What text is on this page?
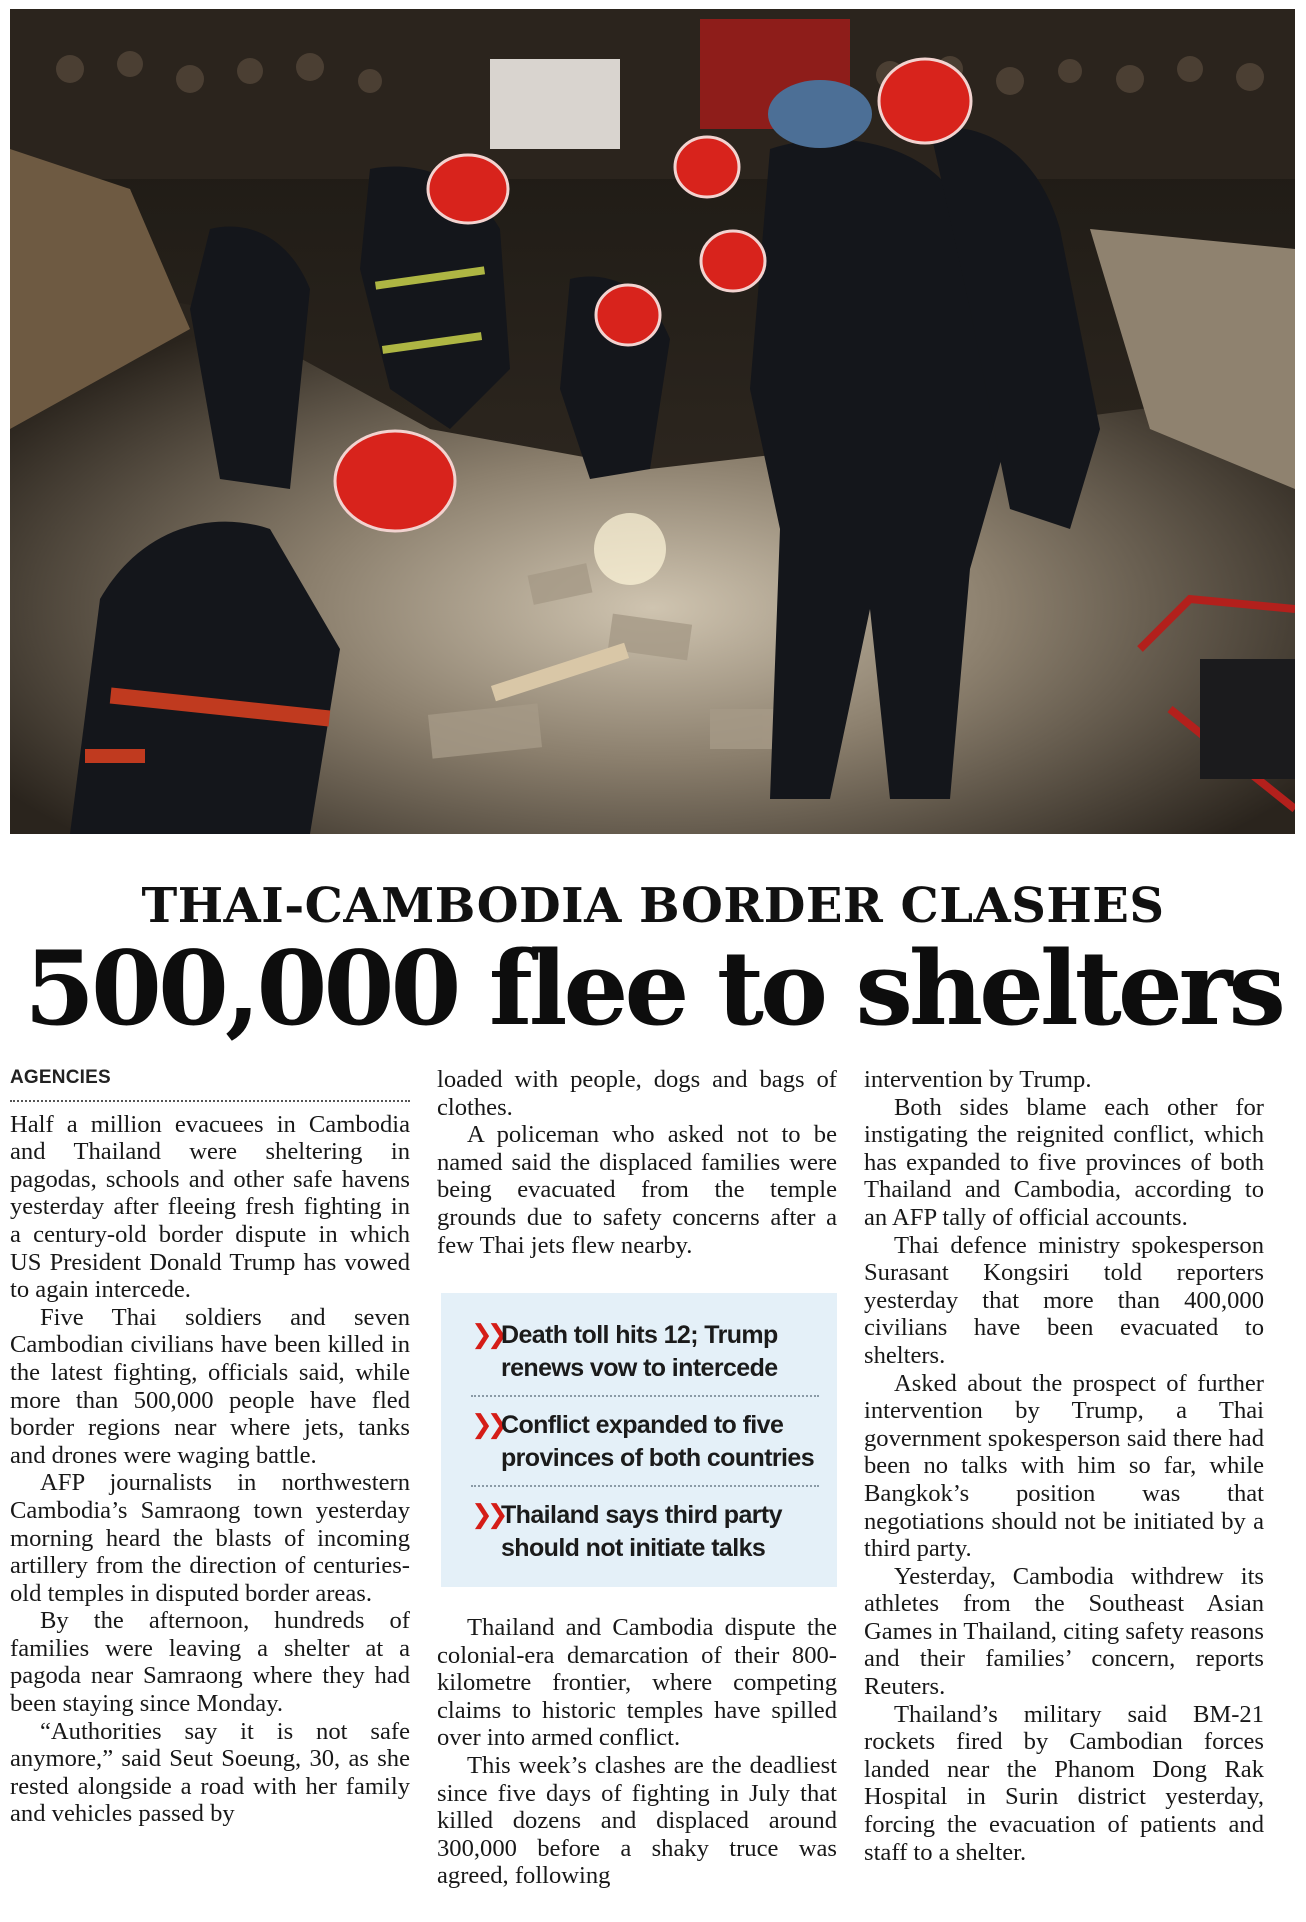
THAI-CAMBODIA BORDER CLASHES
500,000 flee to shelters
AGENCIES

Half a million evacuees in Cambodia and Thailand were sheltering in pagodas, schools and other safe havens yesterday after fleeing fresh fighting in a century-old border dispute in which US President Donald Trump has vowed to again intercede.

Five Thai soldiers and seven Cambodian civilians have been killed in the latest fighting, officials said, while more than 500,000 people have fled border regions near where jets, tanks and drones were waging battle.

AFP journalists in northwestern Cambodia’s Samraong town yesterday morning heard the blasts of incoming artillery from the direction of centuries-old temples in disputed border areas.

By the afternoon, hundreds of families were leaving a shelter at a pagoda near Samraong where they had been staying since Monday.

“Authorities say it is not safe anymore,” said Seut Soeung, 30, as she rested alongside a road with her family and vehicles passed by

loaded with people, dogs and bags of clothes.

A policeman who asked not to be named said the displaced families were being evacuated from the temple grounds due to safety concerns after a few Thai jets flew nearby.

❯❯
Death toll hits 12; Trump renews vow to intercede
❯❯
Conflict expanded to five provinces of both countries
❯❯
Thailand says third party should not initiate talks

Thailand and Cambodia dispute the colonial-era demarcation of their 800-kilometre frontier, where competing claims to historic temples have spilled over into armed conflict.

This week’s clashes are the deadliest since five days of fighting in July that killed dozens and displaced around 300,000 before a shaky truce was agreed, following

intervention by Trump.

Both sides blame each other for instigating the reignited conflict, which has expanded to five provinces of both Thailand and Cambodia, according to an AFP tally of official accounts.

Thai defence ministry spokesperson Surasant Kongsiri told reporters yesterday that more than 400,000 civilians have been evacuated to shelters.

Asked about the prospect of further intervention by Trump, a Thai government spokesperson said there had been no talks with him so far, while Bangkok’s position was that negotiations should not be initiated by a third party.

Yesterday, Cambodia withdrew its athletes from the Southeast Asian Games in Thailand, citing safety reasons and their families’ concern, reports Reuters.

Thailand’s military said BM-21 rockets fired by Cambodian forces landed near the Phanom Dong Rak Hospital in Surin district yesterday, forcing the evacuation of patients and staff to a shelter.
